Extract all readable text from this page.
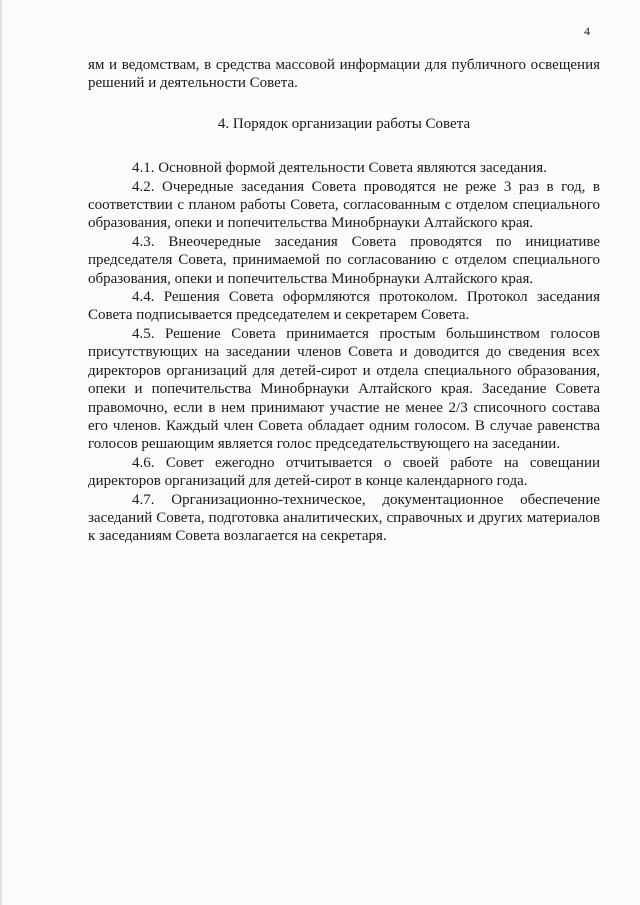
4

ям и ведомствам, в средства массовой информации для публичного освещения решений и деятельности Совета.

4. Порядок организации работы Совета

4.1. Основной формой деятельности Совета являются заседания.

4.2. Очередные заседания Совета проводятся не реже 3 раз в год, в соответствии с планом работы Совета, согласованным с отделом специального образования, опеки и попечительства Минобрнауки Алтайского края.

4.3. Внеочередные заседания Совета проводятся по инициативе председателя Совета, принимаемой по согласованию с отделом специального образования, опеки и попечительства Минобрнауки Алтайского края.

4.4. Решения Совета оформляются протоколом. Протокол заседания Совета подписывается председателем и секретарем Совета.

4.5. Решение Совета принимается простым большинством голосов присутствующих на заседании членов Совета и доводится до сведения всех директоров организаций для детей-сирот и отдела специального образования, опеки и попечительства Минобрнауки Алтайского края. Заседание Совета правомочно, если в нем принимают участие не менее 2/3 списочного состава его членов. Каждый член Совета обладает одним голосом. В случае равенства голосов решающим является голос председательствующего на заседании.

4.6. Совет ежегодно отчитывается о своей работе на совещании директоров организаций для детей-сирот в конце календарного года.

4.7. Организационно-техническое, документационное обеспечение заседаний Совета, подготовка аналитических, справочных и других материалов к заседаниям Совета возлагается на секретаря.
